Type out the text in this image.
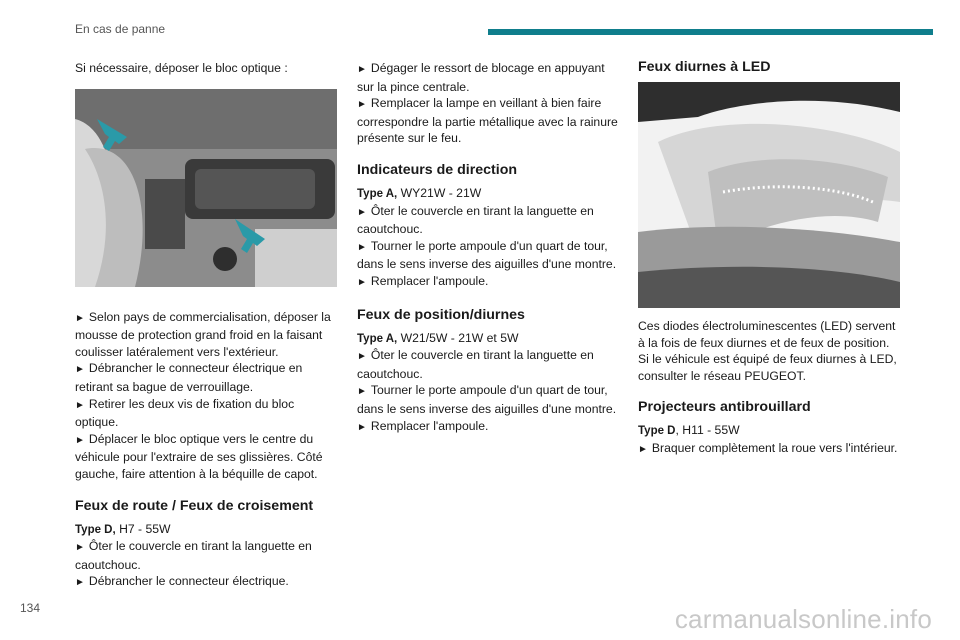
En cas de panne

Si nécessaire, déposer le bloc optique :

► Selon pays de commercialisation, déposer la mousse de protection grand froid en la faisant coulisser latéralement vers l'extérieur.

► Débrancher le connecteur électrique en retirant sa bague de verrouillage.

► Retirer les deux vis de fixation du bloc optique.

► Déplacer le bloc optique vers le centre du véhicule pour l'extraire de ses glissières. Côté gauche, faire attention à la béquille de capot.

Feux de route / Feux de croisement

Type D, H7 - 55W

► Ôter le couvercle en tirant la languette en caoutchouc.

► Débrancher le connecteur électrique.

► Dégager le ressort de blocage en appuyant sur la pince centrale.

► Remplacer la lampe en veillant à bien faire correspondre la partie métallique avec la rainure présente sur le feu.

Indicateurs de direction

Type A, WY21W - 21W

► Ôter le couvercle en tirant la languette en caoutchouc.

► Tourner le porte ampoule d'un quart de tour, dans le sens inverse des aiguilles d'une montre.

► Remplacer l'ampoule.

Feux de position/diurnes

Type A, W21/5W - 21W et 5W

► Ôter le couvercle en tirant la languette en caoutchouc.

► Tourner le porte ampoule d'un quart de tour, dans le sens inverse des aiguilles d'une montre.

► Remplacer l'ampoule.

Feux diurnes à LED

Ces diodes électroluminescentes (LED) servent à la fois de feux diurnes et de feux de position.

Si le véhicule est équipé de feux diurnes à LED, consulter le réseau PEUGEOT.

Projecteurs antibrouillard

Type D, H11 - 55W

► Braquer complètement la roue vers l'intérieur.

134	carmanualsonline.info
